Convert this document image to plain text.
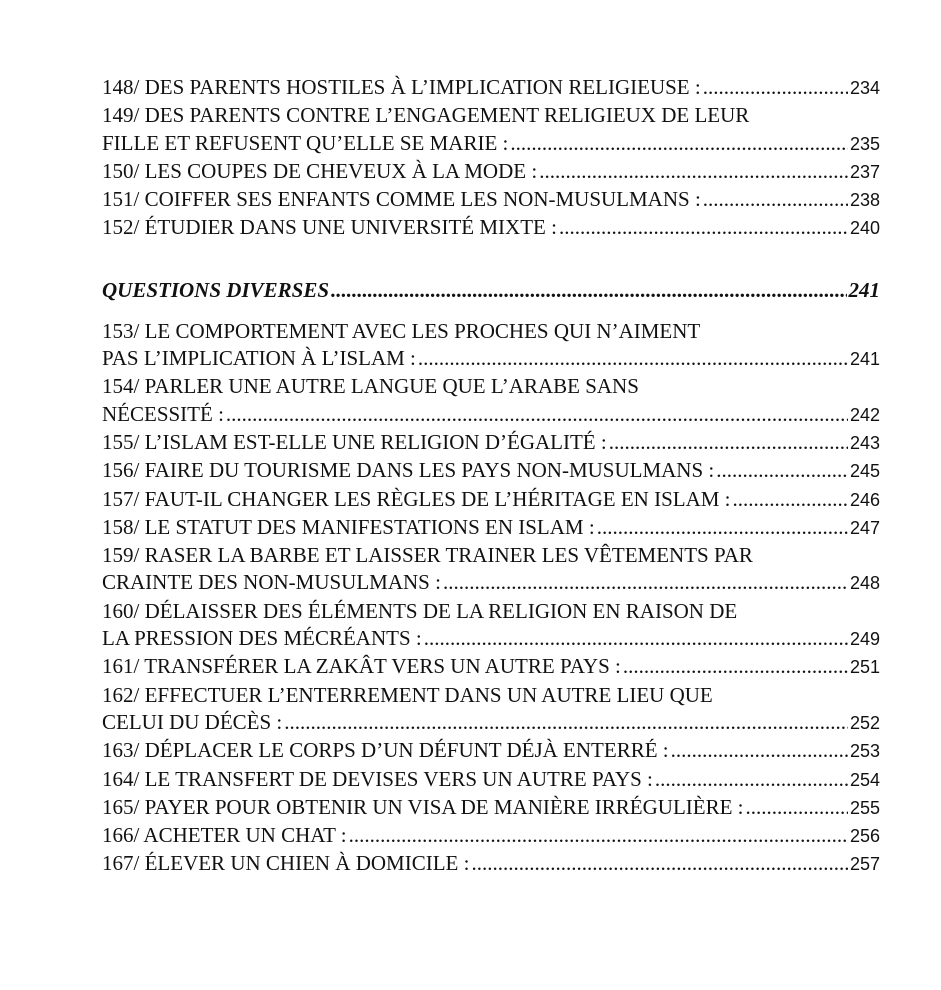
148/ DES PARENTS HOSTILES À L’IMPLICATION RELIGIEUSE : .....	234
149/ DES PARENTS CONTRE L’ENGAGEMENT RELIGIEUX DE LEUR
FILLE ET REFUSENT QU’ELLE SE MARIE : .....	235
150/ LES COUPES DE CHEVEUX À LA MODE : .....	237
151/ COIFFER SES ENFANTS COMME LES NON-MUSULMANS : .....	238
152/ ÉTUDIER DANS UNE UNIVERSITÉ MIXTE : .....	240
QUESTIONS DIVERSES .....	241
153/ LE COMPORTEMENT AVEC LES PROCHES QUI N’AIMENT
PAS L’IMPLICATION À L’ISLAM : .....	241
154/ PARLER UNE AUTRE LANGUE QUE L’ARABE SANS
NÉCESSITÉ : .....	242
155/ L’ISLAM EST-ELLE UNE RELIGION D’ÉGALITÉ : .....	243
156/ FAIRE DU TOURISME DANS LES PAYS NON-MUSULMANS : .....	245
157/ FAUT-IL CHANGER LES RÈGLES DE L’HÉRITAGE EN ISLAM : .....	246
158/ LE STATUT DES MANIFESTATIONS EN ISLAM : .....	247
159/ RASER LA BARBE ET LAISSER TRAINER LES VÊTEMENTS PAR
CRAINTE DES NON-MUSULMANS : .....	248
160/ DÉLAISSER DES ÉLÉMENTS DE LA RELIGION EN RAISON DE
LA PRESSION DES MÉCRÉANTS : .....	249
161/ TRANSFÉRER LA ZAKÂT VERS UN AUTRE PAYS : .....	251
162/ EFFECTUER L’ENTERREMENT DANS UN AUTRE LIEU QUE
CELUI DU DÉCÈS : .....	252
163/ DÉPLACER LE CORPS D’UN DÉFUNT DÉJÀ ENTERRÉ : .....	253
164/ LE TRANSFERT DE DEVISES VERS UN AUTRE PAYS : .....	254
165/ PAYER POUR OBTENIR UN VISA DE MANIÈRE IRRÉGULIÈRE : .....	255
166/ ACHETER UN CHAT : .....	256
167/ ÉLEVER UN CHIEN À DOMICILE : .....	257
